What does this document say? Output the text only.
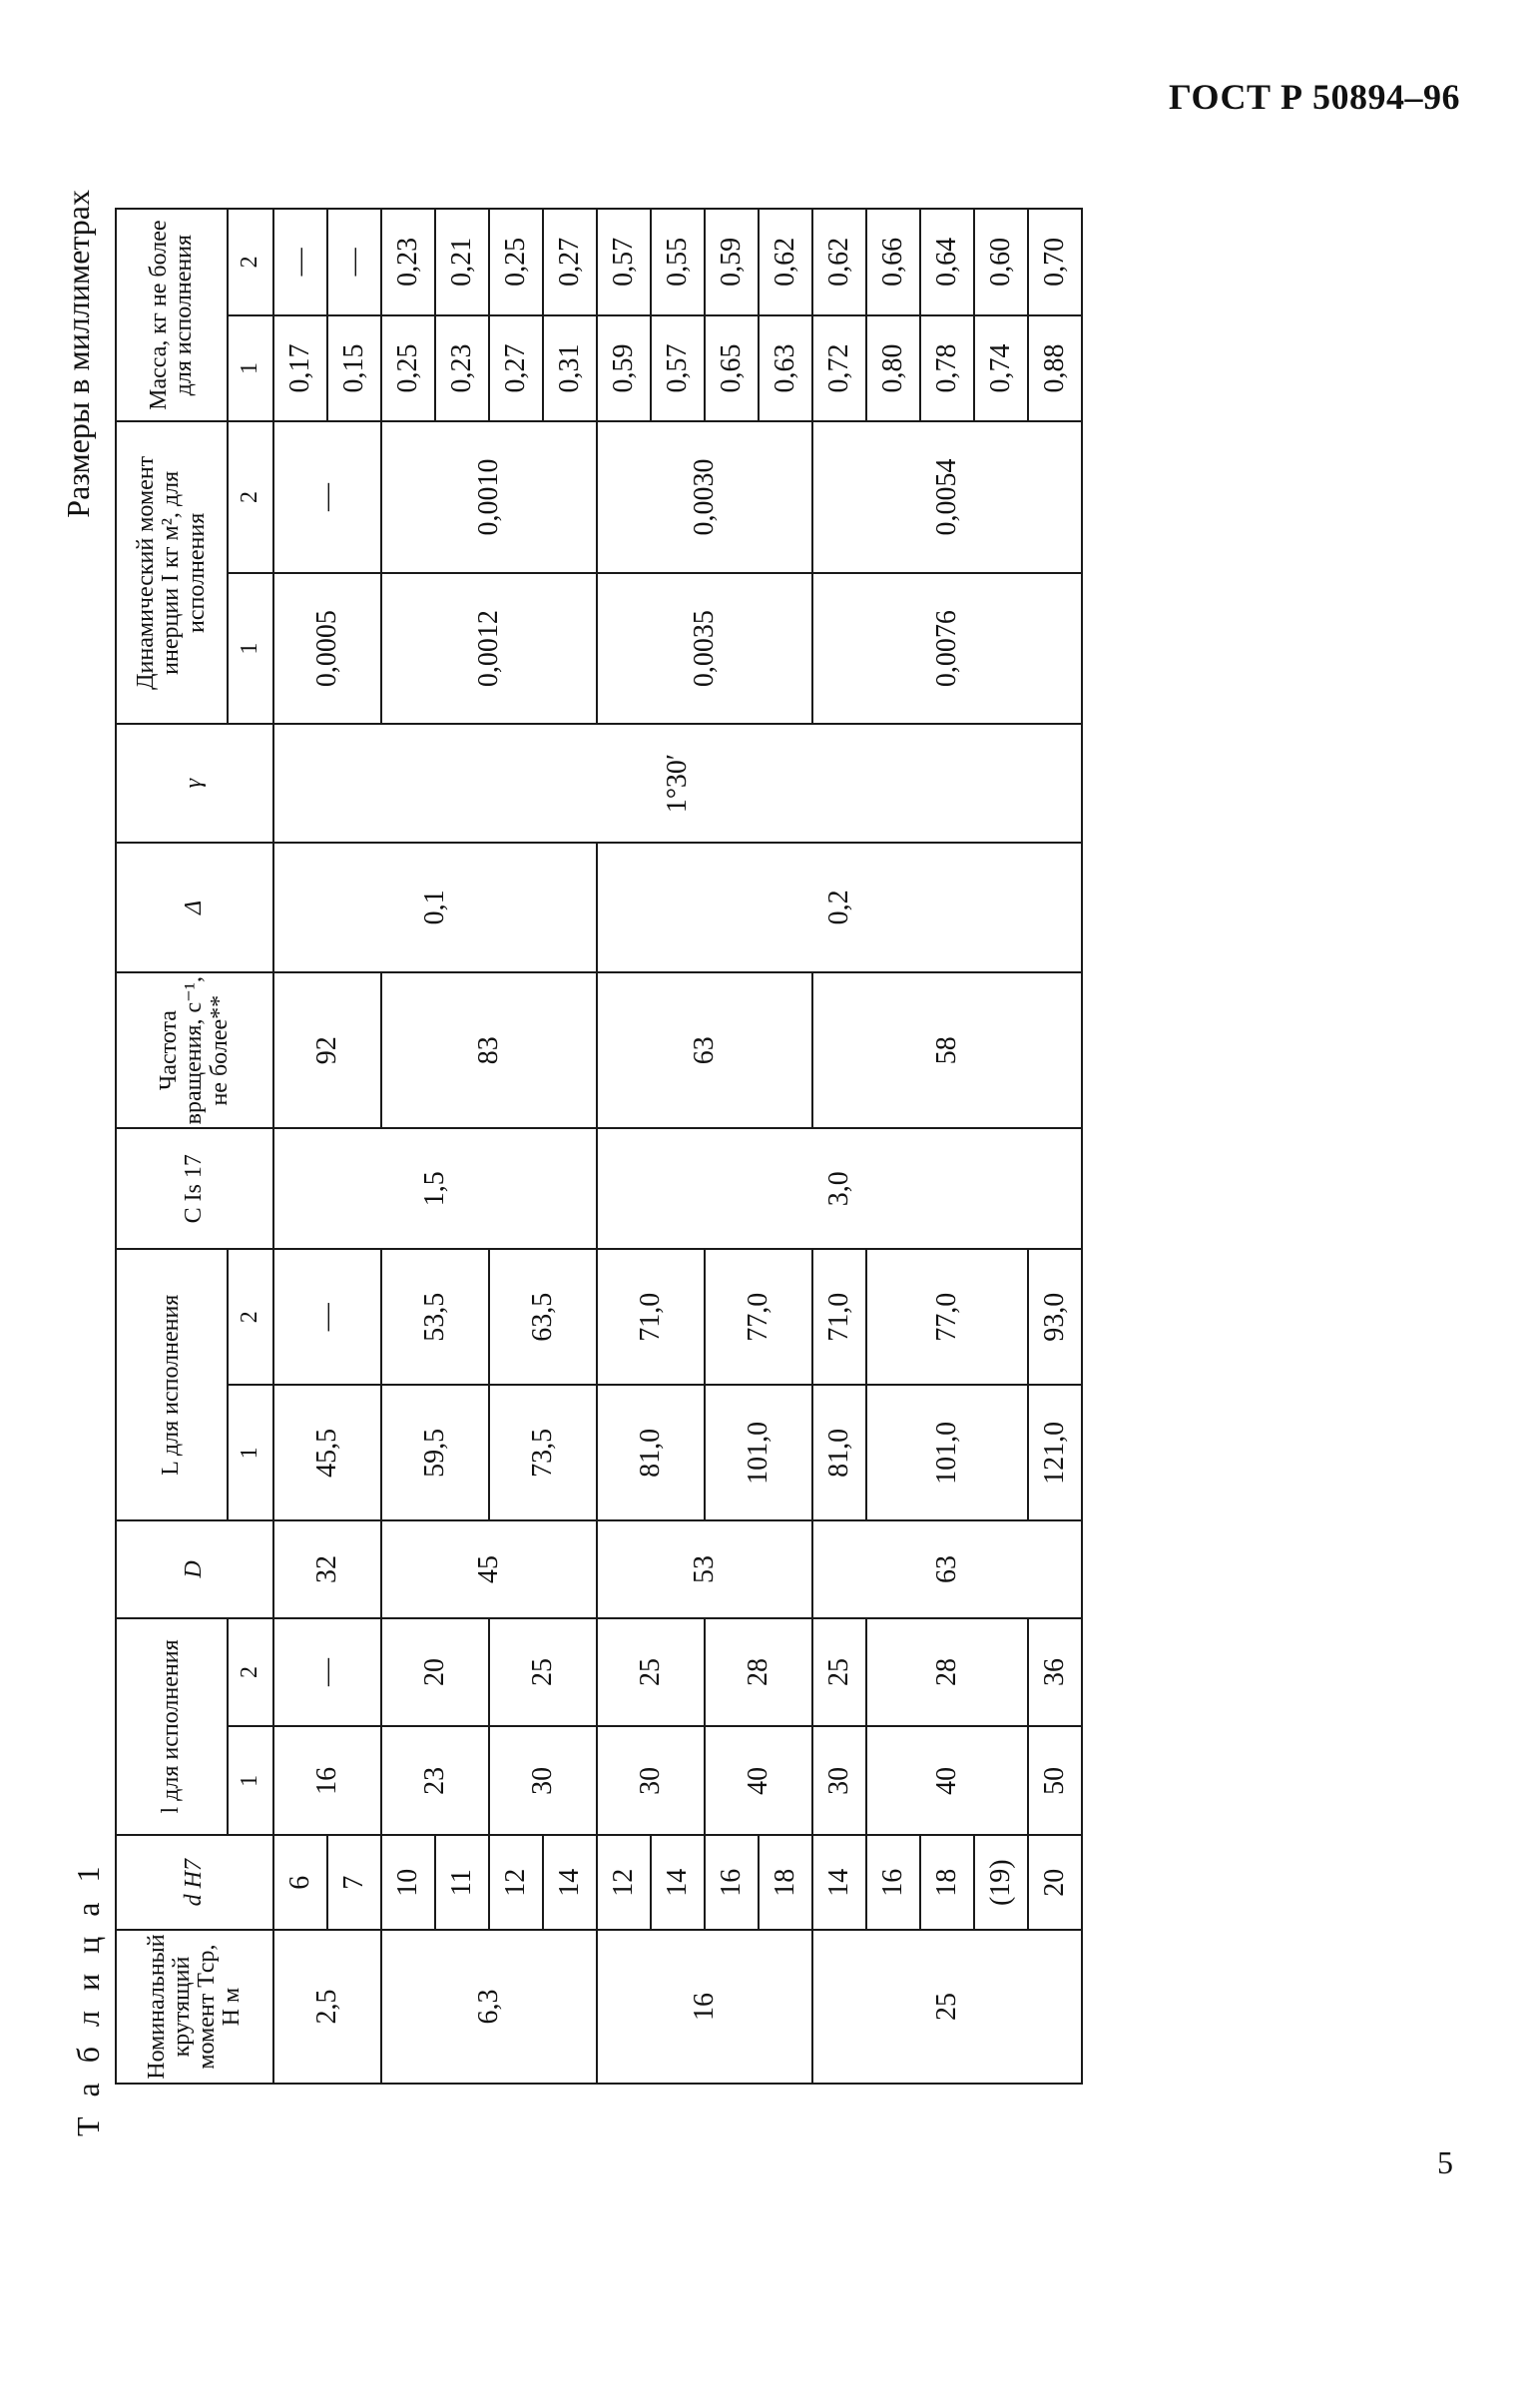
ГОСТ Р 50894–96
Т а б л и ц а 1
Размеры в миллиметрах
Номинальный крутящий момент Tср, Н м	d H7	l для исполнения		D	L для исполнения		C Is 17	Частота вращения, с⁻¹, не более**	Δ	γ	Динамический момент инерции I кг м², для исполнения		Масса, кг не более для исполнения	
		1	2		1	2					1	2	1	2
2,5	6	16	—	32	45,5	—	1,5	92	0,1	1°30′	0,0005	—	0,17	—
	7												0,15	—
6,3	10	23	20	45	59,5	53,5		83			0,0012	0,0010	0,25	0,23
	11												0,23	0,21
	12	30	25		73,5	63,5							0,27	0,25
	14												0,31	0,27
16	12	30	25	53	81,0	71,0	3,0	63	0,2		0,0035	0,0030	0,59	0,57
	14												0,57	0,55
	16	40	28		101,0	77,0							0,65	0,59
	18												0,63	0,62
25	14	30	25	63	81,0	71,0		58			0,0076	0,0054	0,72	0,62
	16	40	28		101,0	77,0							0,80	0,66
	18												0,78	0,64
	(19)												0,74	0,60
	20	50	36		121,0	93,0							0,88	0,70
5
